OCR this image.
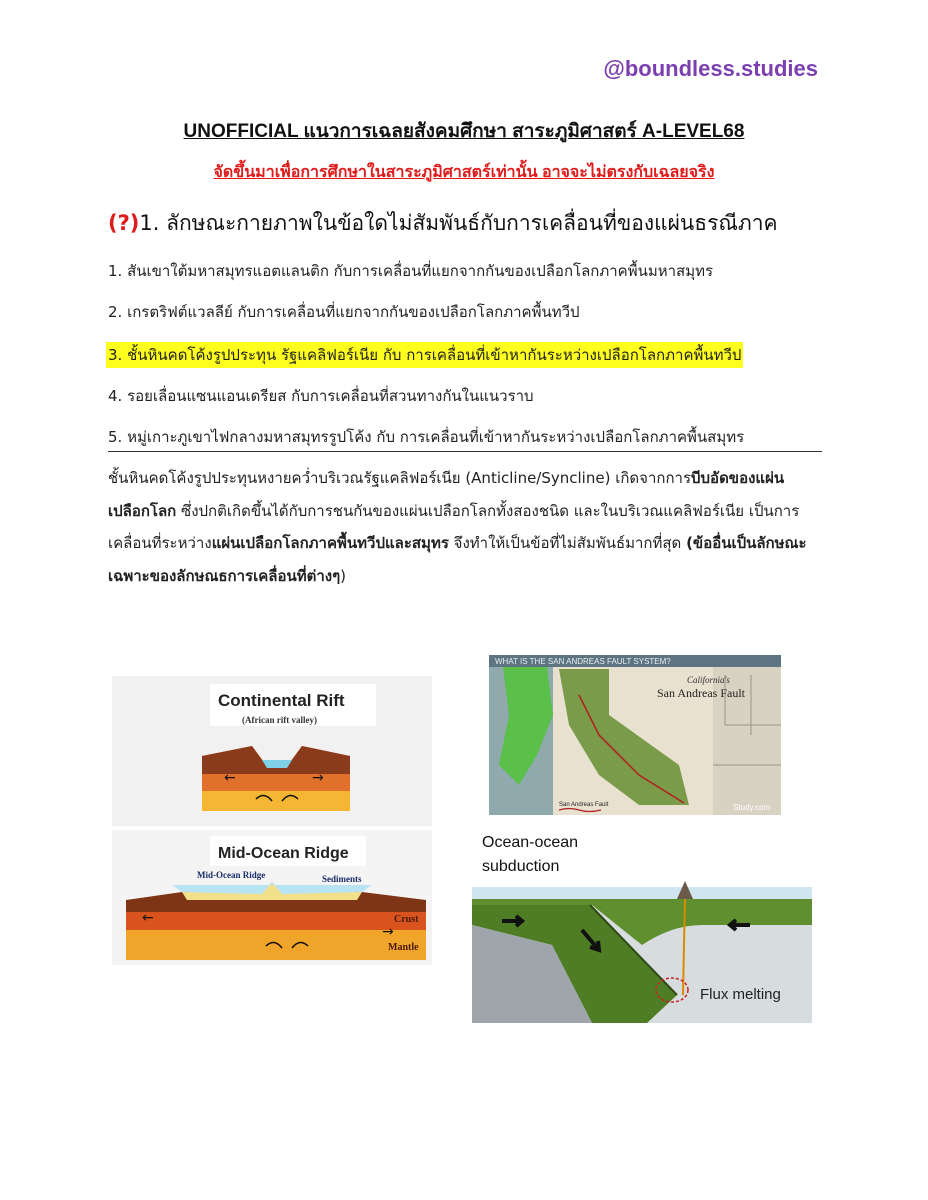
@boundless.studies
UNOFFICIAL แนวการเฉลยสังคมศึกษา สาระภูมิศาสตร์ A-LEVEL68
จัดขึ้นมาเพื่อการศึกษาในสาระภูมิศาสตร์เท่านั้น อาจจะไม่ตรงกับเฉลยจริง
(?)1. ลักษณะกายภาพในข้อใดไม่สัมพันธ์กับการเคลื่อนที่ของแผ่นธรณีภาค
1. สันเขาใต้มหาสมุทรแอตแลนติก กับการเคลื่อนที่แยกจากกันของเปลือกโลกภาคพื้นมหาสมุทร
2. เกรตริฟต์แวลลีย์ กับการเคลื่อนที่แยกจากกันของเปลือกโลกภาคพื้นทวีป
3. ชั้นหินคดโค้งรูปประทุน รัฐแคลิฟอร์เนีย กับ การเคลื่อนที่เข้าหากันระหว่างเปลือกโลกภาคพื้นทวีป
4. รอยเลื่อนแซนแอนเดรียส กับการเคลื่อนที่สวนทางกันในแนวราบ
5. หมู่เกาะภูเขาไฟกลางมหาสมุทรรูปโค้ง กับ การเคลื่อนที่เข้าหากันระหว่างเปลือกโลกภาคพื้นสมุทร
ชั้นหินคดโค้งรูปประทุนหงายคว่ำบริเวณรัฐแคลิฟอร์เนีย (Anticline/Syncline) เกิดจากการบีบอัดของแผ่นเปลือกโลก ซึ่งปกติเกิดขึ้นได้กับการชนกันของแผ่นเปลือกโลกทั้งสองชนิด และในบริเวณแคลิฟอร์เนีย เป็นการเคลื่อนที่ระหว่างแผ่นเปลือกโลกภาคพื้นทวีปและสมุทร จึงทำให้เป็นข้อที่ไม่สัมพันธ์มากที่สุด (ข้ออื่นเป็นลักษณะเฉพาะของลักษณธการเคลื่อนที่ต่างๆ)
Continental Rift
(African rift valley)
←	→
Mid-Ocean Ridge
Mid-Ocean Ridge	Sediments
Crust
Mantle
←
→
WHAT IS THE SAN ANDREAS FAULT SYSTEM?
California's
San Andreas Fault
San Andreas Fault	Study.com
Ocean-ocean
subduction
Flux melting
